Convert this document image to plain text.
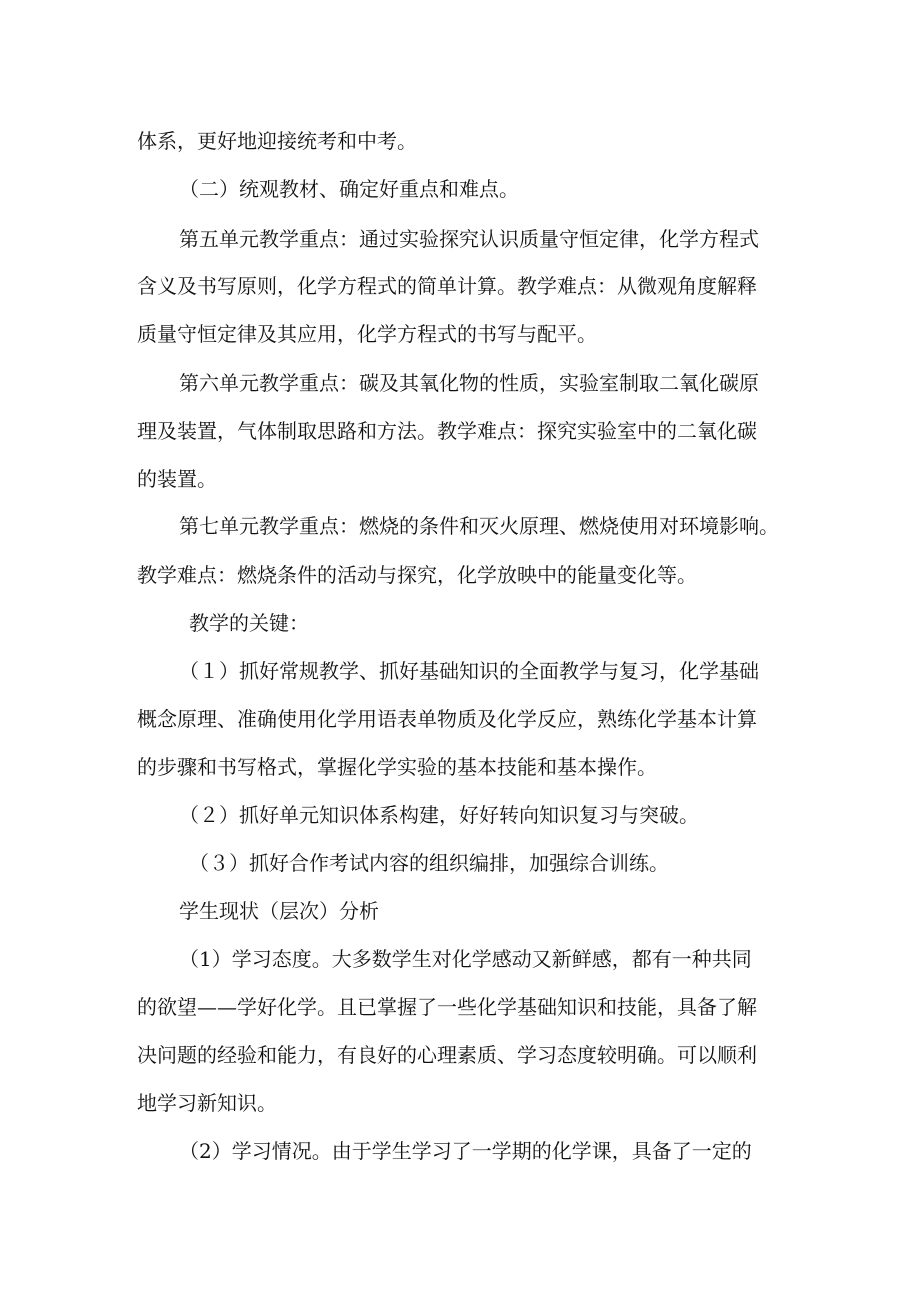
体系，更好地迎接统考和中考。
（二）统观教材、确定好重点和难点。
第五单元教学重点：通过实验探究认识质量守恒定律，化学方程式
含义及书写原则，化学方程式的简单计算。教学难点：从微观角度解释
质量守恒定律及其应用，化学方程式的书写与配平。
第六单元教学重点：碳及其氧化物的性质，实验室制取二氧化碳原
理及装置，气体制取思路和方法。教学难点：探究实验室中的二氧化碳
的装置。
第七单元教学重点：燃烧的条件和灭火原理、燃烧使用对环境影响。
教学难点：燃烧条件的活动与探究，化学放映中的能量变化等。
教学的关键：
（１）抓好常规教学、抓好基础知识的全面教学与复习，化学基础
概念原理、准确使用化学用语表单物质及化学反应，熟练化学基本计算
的步骤和书写格式，掌握化学实验的基本技能和基本操作。
（２）抓好单元知识体系构建，好好转向知识复习与突破。
（３）抓好合作考试内容的组织编排，加强综合训练。
学生现状（层次）分析
（1）学习态度。大多数学生对化学感动又新鲜感，都有一种共同
的欲望——学好化学。且已掌握了一些化学基础知识和技能，具备了解
决问题的经验和能力，有良好的心理素质、学习态度较明确。可以顺利
地学习新知识。
（2）学习情况。由于学生学习了一学期的化学课，具备了一定的
